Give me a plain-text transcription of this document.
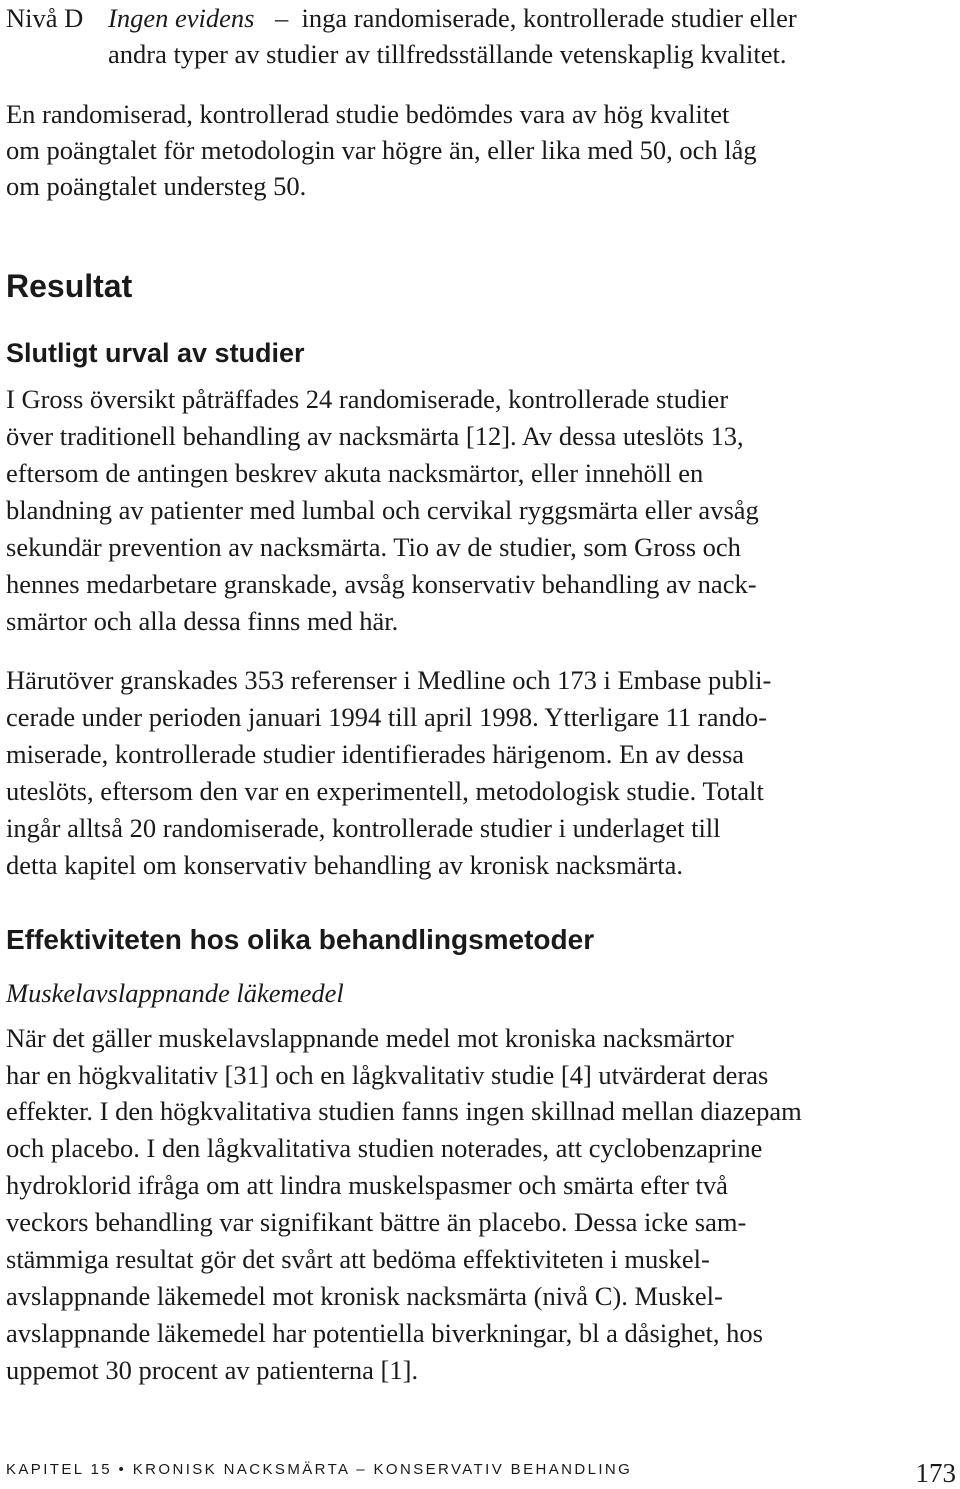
Nivå D Ingen evidens – inga randomiserade, kontrollerade studier eller
andra typer av studier av tillfredsställande vetenskaplig kvalitet.
En randomiserad, kontrollerad studie bedömdes vara av hög kvalitet
om poängtalet för metodologin var högre än, eller lika med 50, och låg
om poängtalet understeg 50.
Resultat
Slutligt urval av studier
I Gross översikt påträffades 24 randomiserade, kontrollerade studier
över traditionell behandling av nacksmärta [12]. Av dessa uteslöts 13,
eftersom de antingen beskrev akuta nacksmärtor, eller innehöll en
blandning av patienter med lumbal och cervikal ryggsmärta eller avsåg
sekundär prevention av nacksmärta. Tio av de studier, som Gross och
hennes medarbetare granskade, avsåg konservativ behandling av nack-
smärtor och alla dessa finns med här.
Härutöver granskades 353 referenser i Medline och 173 i Embase publi-
cerade under perioden januari 1994 till april 1998. Ytterligare 11 rando-
miserade, kontrollerade studier identifierades härigenom. En av dessa
uteslöts, eftersom den var en experimentell, metodologisk studie. Totalt
ingår alltså 20 randomiserade, kontrollerade studier i underlaget till
detta kapitel om konservativ behandling av kronisk nacksmärta.
Effektiviteten hos olika behandlingsmetoder
Muskelavslappnande läkemedel
När det gäller muskelavslappnande medel mot kroniska nacksmärtor
har en högkvalitativ [31] och en lågkvalitativ studie [4] utvärderat deras
effekter. I den högkvalitativa studien fanns ingen skillnad mellan diazepam
och placebo. I den lågkvalitativa studien noterades, att cyclobenzaprine
hydroklorid ifråga om att lindra muskelspasmer och smärta efter två
veckors behandling var signifikant bättre än placebo. Dessa icke sam-
stämmiga resultat gör det svårt att bedöma effektiviteten i muskel-
avslappnande läkemedel mot kronisk nacksmärta (nivå C). Muskel-
avslappnande läkemedel har potentiella biverkningar, bl a dåsighet, hos
uppemot 30 procent av patienterna [1].
KAPITEL 15 • KRONISK NACKSMÄRTA – KONSERVATIV BEHANDLING	173
